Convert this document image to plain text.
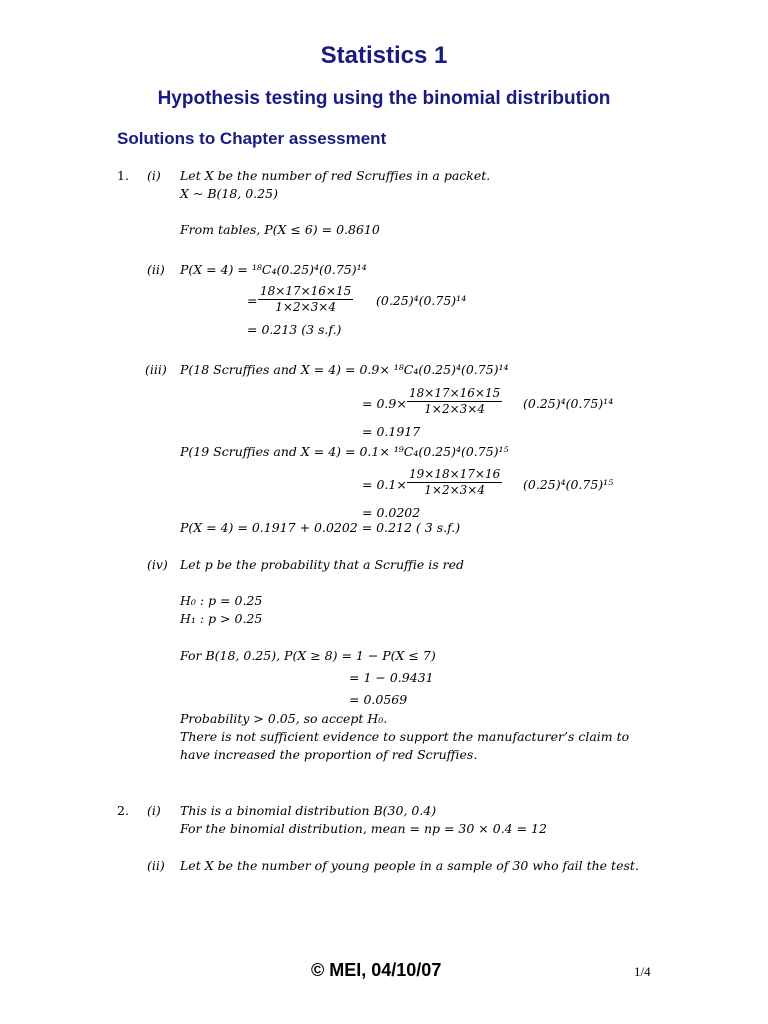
Statistics 1
Hypothesis testing using the binomial distribution
Solutions to Chapter assessment
1. (i) Let X be the number of red Scruffies in a packet.
X ~ B(18, 0.25)
From tables, P(X ≤ 6) = 0.8610
(ii) P(X = 4) = ¹⁸C₄(0.25)⁴(0.75)¹⁴
= $\frac{18\times 17\times 16\times 15}{1\times 2\times 3\times 4} (0.25)^4(0.75)^{14}$
= 0.213 (3 s.f.)
(iii) P(18 Scruffies and X = 4) = 0.9× ¹⁸C₄(0.25)⁴(0.75)¹⁴
= $0.9\times \frac{18\times 17\times 16\times 15}{1\times 2\times 3\times 4} (0.25)^4(0.75)^{14}$
= 0.1917
P(19 Scruffies and X = 4) = 0.1× ¹⁹C₄(0.25)⁴(0.75)¹⁵
= $0.1\times \frac{19\times 18\times 17\times 16}{1\times 2\times 3\times 4} (0.25)^4(0.75)^{15}$
= 0.0202
P(X = 4) = 0.1917 + 0.0202 = 0.212 ( 3 s.f.)
(iv) Let p be the probability that a Scruffie is red
H₀ : p = 0.25
H₁ : p > 0.25
For B(18, 0.25), P(X ≥ 8) = 1 − P(X ≤ 7)
= 1 − 0.9431
= 0.0569
Probability > 0.05, so accept H₀.
There is not sufficient evidence to support the manufacturer’s claim to
have increased the proportion of red Scruffies.
2. (i) This is a binomial distribution B(30, 0.4)
For the binomial distribution, mean = np = 30 × 0.4 = 12
(ii) Let X be the number of young people in a sample of 30 who fail the test.
© MEI, 04/10/07	1/4
